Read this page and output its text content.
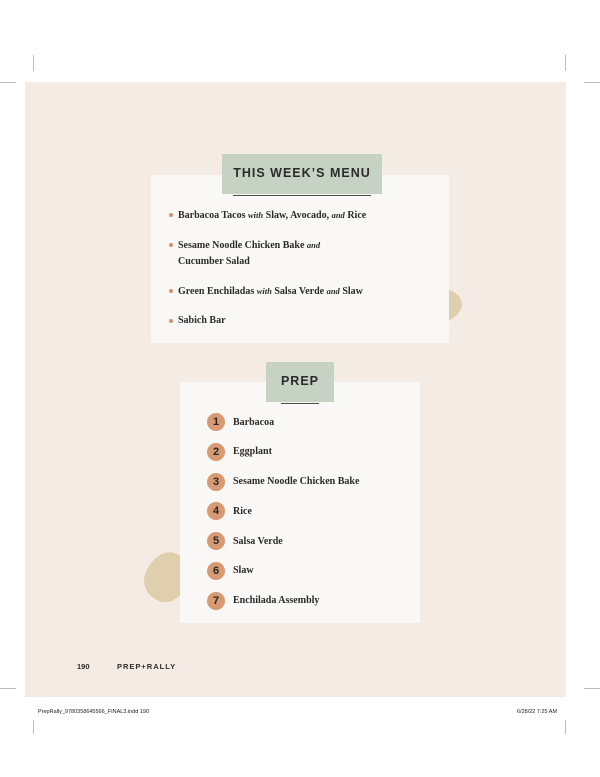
Barbacoa Tacos with Slaw, Avocado, and Rice
Sesame Noodle Chicken Bake and
Cucumber Salad
Green Enchiladas with Salsa Verde and Slaw
Sabich Bar
THIS WEEK’S MENU
1	Barbacoa
2	Eggplant
3	Sesame Noodle Chicken Bake
4	Rice
5	Salsa Verde
6	Slaw
7	Enchilada Assembly
PREP
190	PREP+RALLY
PrepRally_9780358645566_FINAL3.indd 190	6/28/22 7:25 AM
